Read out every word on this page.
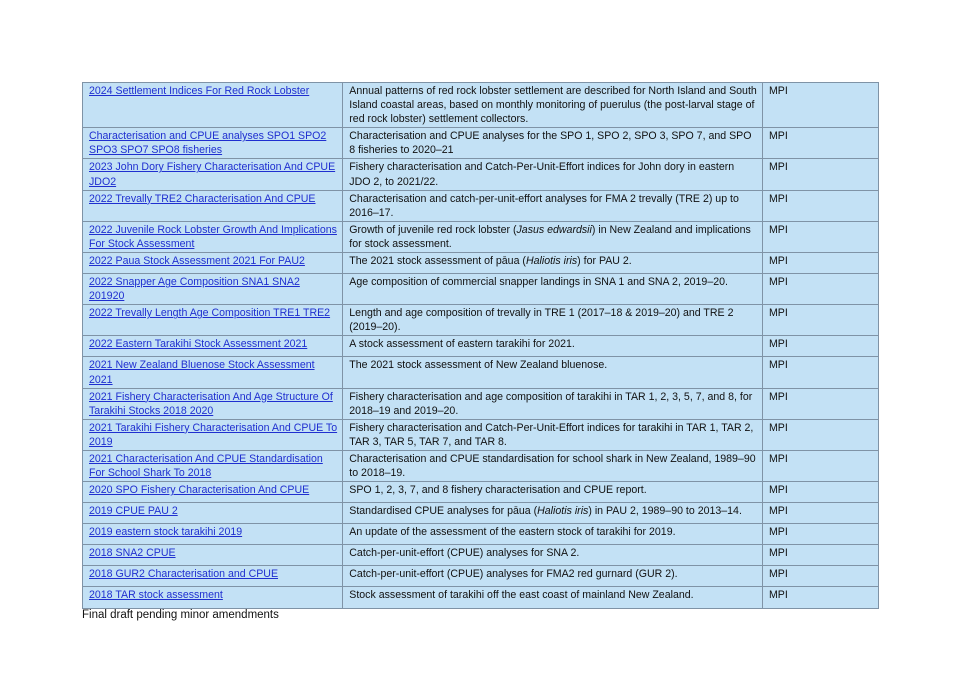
2024 Settlement Indices For Red Rock Lobster	Annual patterns of red rock lobster settlement are described for North Island and South Island coastal areas, based on monthly monitoring of puerulus (the post-larval stage of red rock lobster) settlement collectors.	MPI
Characterisation and CPUE analyses SPO1 SPO2 SPO3 SPO7 SPO8 fisheries	Characterisation and CPUE analyses for the SPO 1, SPO 2, SPO 3, SPO 7, and SPO 8 fisheries to 2020–21	MPI
2023 John Dory Fishery Characterisation And CPUE JDO2	Fishery characterisation and Catch-Per-Unit-Effort indices for John dory in eastern JDO 2, to 2021/22.	MPI
2022 Trevally TRE2 Characterisation And CPUE	Characterisation and catch-per-unit-effort analyses for FMA 2 trevally (TRE 2) up to 2016–17.	MPI
2022 Juvenile Rock Lobster Growth And Implications For Stock Assessment	Growth of juvenile red rock lobster (Jasus edwardsii) in New Zealand and implications for stock assessment.	MPI
2022 Paua Stock Assessment 2021 For PAU2	The 2021 stock assessment of pāua (Haliotis iris) for PAU 2.	MPI
2022 Snapper Age Composition SNA1 SNA2 201920	Age composition of commercial snapper landings in SNA 1 and SNA 2, 2019–20.	MPI
2022 Trevally Length Age Composition TRE1 TRE2	Length and age composition of trevally in TRE 1 (2017–18 & 2019–20) and TRE 2 (2019–20).	MPI
2022 Eastern Tarakihi Stock Assessment 2021	A stock assessment of eastern tarakihi for 2021.	MPI
2021 New Zealand Bluenose Stock Assessment 2021	The 2021 stock assessment of New Zealand bluenose.	MPI
2021 Fishery Characterisation And Age Structure Of Tarakihi Stocks 2018 2020	Fishery characterisation and age composition of tarakihi in TAR 1, 2, 3, 5, 7, and 8, for 2018–19 and 2019–20.	MPI
2021 Tarakihi Fishery Characterisation And CPUE To 2019	Fishery characterisation and Catch-Per-Unit-Effort indices for tarakihi in TAR 1, TAR 2, TAR 3, TAR 5, TAR 7, and TAR 8.	MPI
2021 Characterisation And CPUE Standardisation For School Shark To 2018	Characterisation and CPUE standardisation for school shark in New Zealand, 1989–90 to 2018–19.	MPI
2020 SPO Fishery Characterisation And CPUE	SPO 1, 2, 3, 7, and 8 fishery characterisation and CPUE report.	MPI
2019 CPUE PAU 2	Standardised CPUE analyses for pāua (Haliotis iris) in PAU 2, 1989–90 to 2013–14.	MPI
2019 eastern stock tarakihi 2019	An update of the assessment of the eastern stock of tarakihi for 2019.	MPI
2018 SNA2 CPUE	Catch-per-unit-effort (CPUE) analyses for SNA 2.	MPI
2018 GUR2 Characterisation and CPUE	Catch-per-unit-effort (CPUE) analyses for FMA2 red gurnard (GUR 2).	MPI
2018 TAR stock assessment	Stock assessment of tarakihi off the east coast of mainland New Zealand.	MPI
Final draft pending minor amendments
